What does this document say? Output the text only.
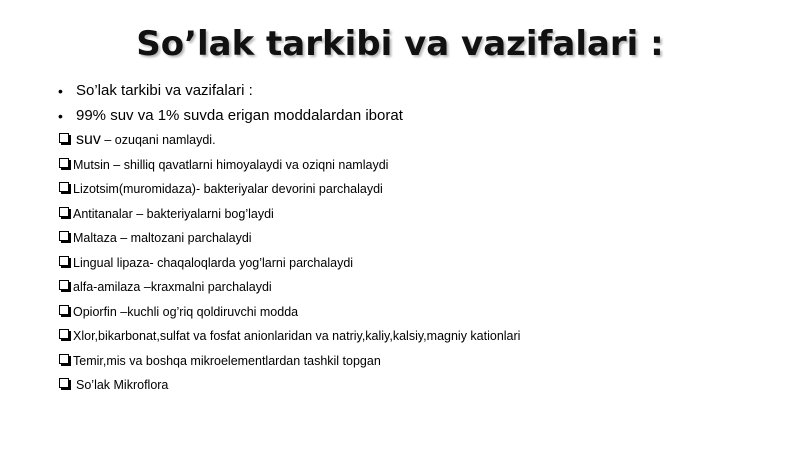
So’lak tarkibi va vazifalari :
• So’lak tarkibi va vazifalari :
• 99% suv va 1% suvda erigan moddalardan iborat
suv – ozuqani namlaydi.
Mutsin – shilliq qavatlarni himoyalaydi va oziqni namlaydi
Lizotsim(muromidaza)- bakteriyalar devorini parchalaydi
Antitanalar – bakteriyalarni bog’laydi
Maltaza – maltozani parchalaydi
Lingual lipaza- chaqaloqlarda yog’larni parchalaydi
alfa-amilaza –kraxmalni parchalaydi
Opiorfin –kuchli og’riq qoldiruvchi modda
Xlor,bikarbonat,sulfat va fosfat anionlaridan va natriy,kaliy,kalsiy,magniy kationlari
Temir,mis va boshqa mikroelementlardan tashkil topgan
So’lak Mikroflora
